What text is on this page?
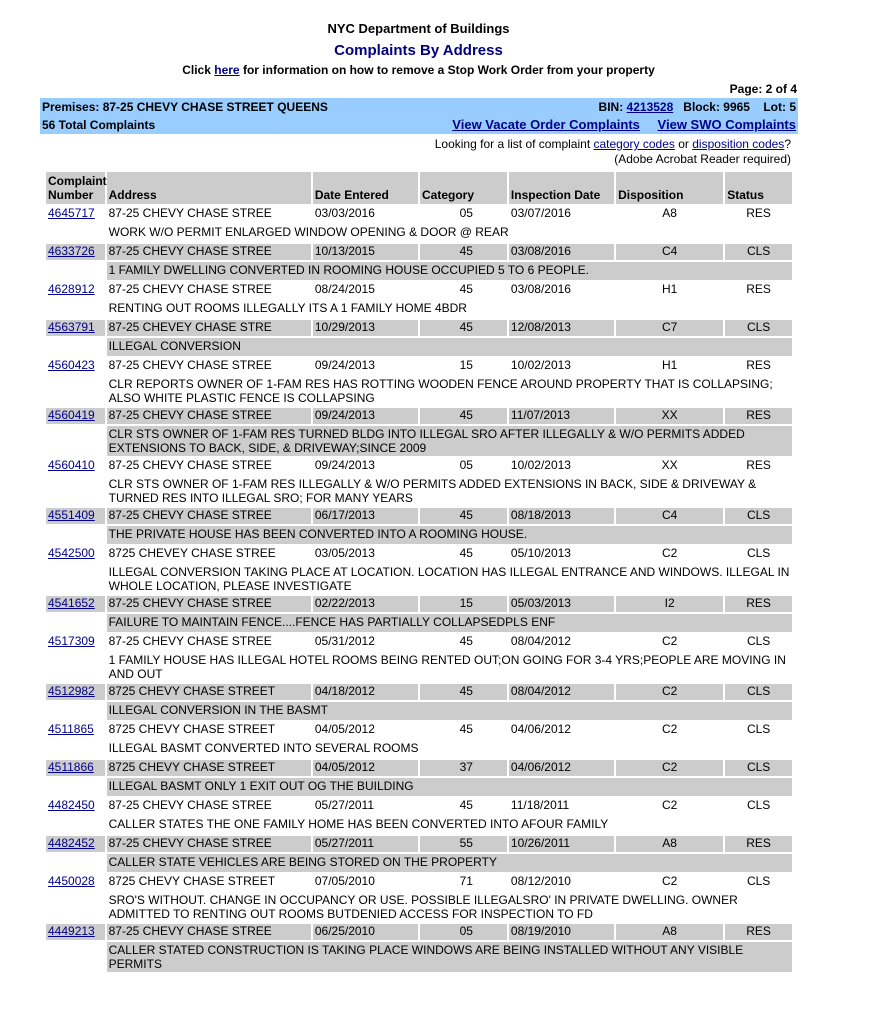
NYC Department of Buildings
Complaints By Address
Click here for information on how to remove a Stop Work Order from your property
Page: 2 of 4
Premises: 87-25 CHEVY CHASE STREET QUEENS	BIN: 4213528 Block: 9965 Lot: 5
56 Total Complaints	View Vacate Order Complaints View SWO Complaints
Looking for a list of complaint category codes or disposition codes?
(Adobe Acrobat Reader required)
Complaint Number	Address	Date Entered	Category	Inspection Date	Disposition	Status
4645717	87-25 CHEVY CHASE STREE	03/03/2016	05	03/07/2016	A8	RES
	WORK W/O PERMIT ENLARGED WINDOW OPENING & DOOR @ REAR					
4633726	87-25 CHEVY CHASE STREE	10/13/2015	45	03/08/2016	C4	CLS
	1 FAMILY DWELLING CONVERTED IN ROOMING HOUSE OCCUPIED 5 TO 6 PEOPLE.					
4628912	87-25 CHEVY CHASE STREE	08/24/2015	45	03/08/2016	H1	RES
	RENTING OUT ROOMS ILLEGALLY ITS A 1 FAMILY HOME 4BDR					
4563791	87-25 CHEVEY CHASE STRE	10/29/2013	45	12/08/2013	C7	CLS
	ILLEGAL CONVERSION					
4560423	87-25 CHEVY CHASE STREE	09/24/2013	15	10/02/2013	H1	RES
	CLR REPORTS OWNER OF 1-FAM RES HAS ROTTING WOODEN FENCE AROUND PROPERTY THAT IS COLLAPSING; ALSO WHITE PLASTIC FENCE IS COLLAPSING					
4560419	87-25 CHEVY CHASE STREE	09/24/2013	45	11/07/2013	XX	RES
	CLR STS OWNER OF 1-FAM RES TURNED BLDG INTO ILLEGAL SRO AFTER ILLEGALLY & W/O PERMITS ADDED EXTENSIONS TO BACK, SIDE, & DRIVEWAY;SINCE 2009					
4560410	87-25 CHEVY CHASE STREE	09/24/2013	05	10/02/2013	XX	RES
	CLR STS OWNER OF 1-FAM RES ILLEGALLY & W/O PERMITS ADDED EXTENSIONS IN BACK, SIDE & DRIVEWAY & TURNED RES INTO ILLEGAL SRO; FOR MANY YEARS					
4551409	87-25 CHEVY CHASE STREE	06/17/2013	45	08/18/2013	C4	CLS
	THE PRIVATE HOUSE HAS BEEN CONVERTED INTO A ROOMING HOUSE.					
4542500	8725 CHEVEY CHASE STREE	03/05/2013	45	05/10/2013	C2	CLS
	ILLEGAL CONVERSION TAKING PLACE AT LOCATION. LOCATION HAS ILLEGAL ENTRANCE AND WINDOWS. ILLEGAL IN WHOLE LOCATION, PLEASE INVESTIGATE					
4541652	87-25 CHEVY CHASE STREE	02/22/2013	15	05/03/2013	I2	RES
	FAILURE TO MAINTAIN FENCE....FENCE HAS PARTIALLY COLLAPSEDPLS ENF					
4517309	87-25 CHEVY CHASE STREE	05/31/2012	45	08/04/2012	C2	CLS
	1 FAMILY HOUSE HAS ILLEGAL HOTEL ROOMS BEING RENTED OUT;ON GOING FOR 3-4 YRS;PEOPLE ARE MOVING IN AND OUT					
4512982	8725 CHEVY CHASE STREET	04/18/2012	45	08/04/2012	C2	CLS
	ILLEGAL CONVERSION IN THE BASMT					
4511865	8725 CHEVY CHASE STREET	04/05/2012	45	04/06/2012	C2	CLS
	ILLEGAL BASMT CONVERTED INTO SEVERAL ROOMS					
4511866	8725 CHEVY CHASE STREET	04/05/2012	37	04/06/2012	C2	CLS
	ILLEGAL BASMT ONLY 1 EXIT OUT OG THE BUILDING					
4482450	87-25 CHEVY CHASE STREE	05/27/2011	45	11/18/2011	C2	CLS
	CALLER STATES THE ONE FAMILY HOME HAS BEEN CONVERTED INTO AFOUR FAMILY					
4482452	87-25 CHEVY CHASE STREE	05/27/2011	55	10/26/2011	A8	RES
	CALLER STATE VEHICLES ARE BEING STORED ON THE PROPERTY					
4450028	8725 CHEVY CHASE STREET	07/05/2010	71	08/12/2010	C2	CLS
	SRO'S WITHOUT. CHANGE IN OCCUPANCY OR USE. POSSIBLE ILLEGALSRO' IN PRIVATE DWELLING. OWNER ADMITTED TO RENTING OUT ROOMS BUTDENIED ACCESS FOR INSPECTION TO FD					
4449213	87-25 CHEVY CHASE STREE	06/25/2010	05	08/19/2010	A8	RES
	CALLER STATED CONSTRUCTION IS TAKING PLACE WINDOWS ARE BEING INSTALLED WITHOUT ANY VISIBLE PERMITS					
